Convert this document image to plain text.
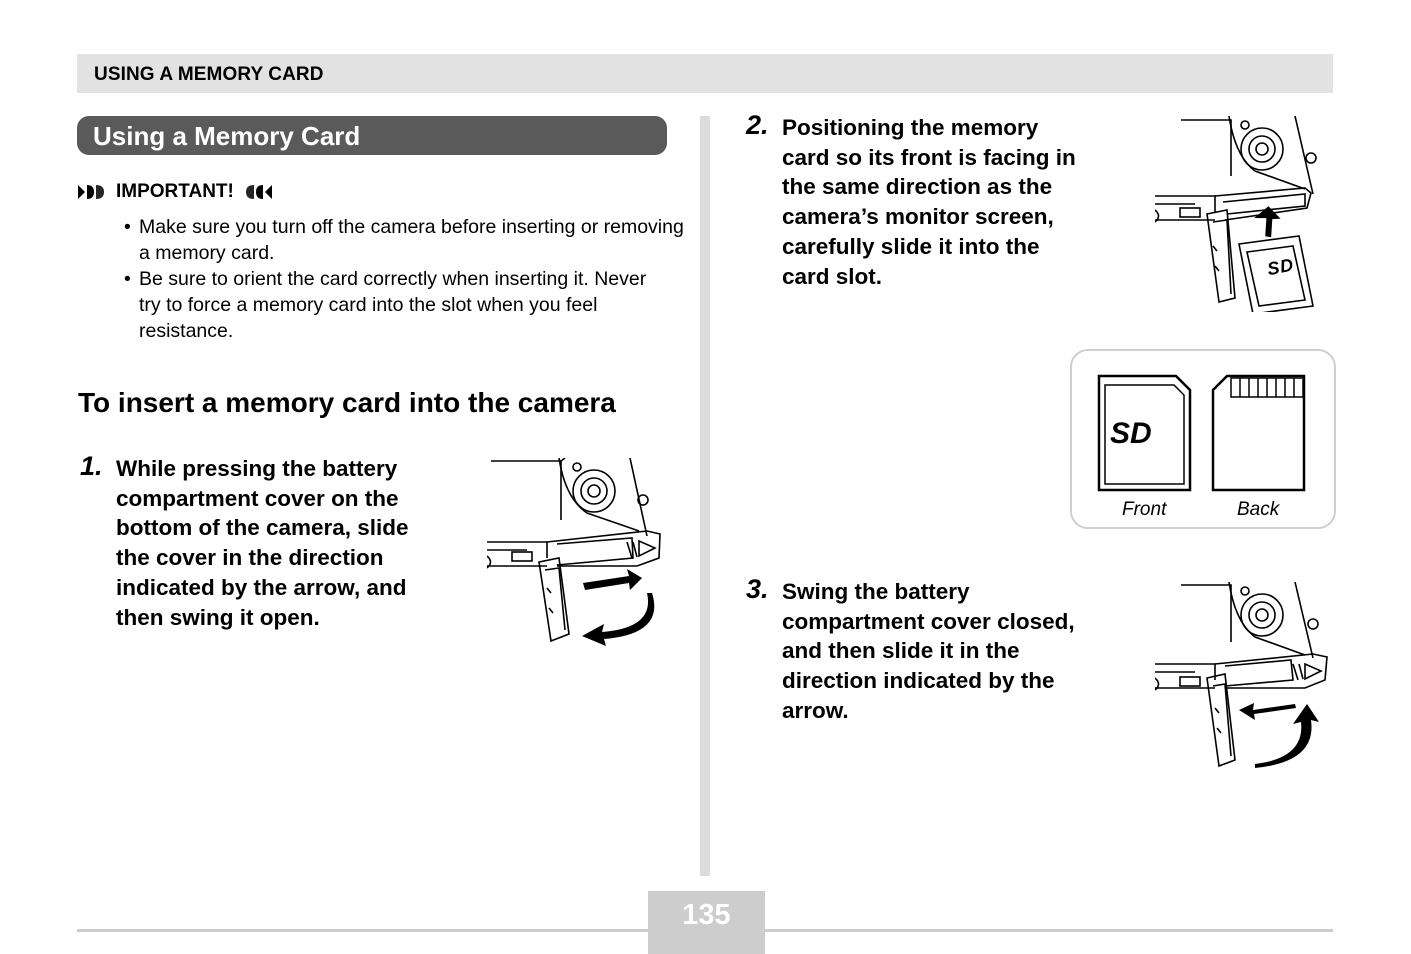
USING A MEMORY CARD
Using a Memory Card
IMPORTANT!
• Make sure you turn off the camera before inserting or removing a memory card.
• Be sure to orient the card correctly when inserting it. Never try to force a memory card into the slot when you feel resistance.
To insert a memory card into the camera
1. While pressing the battery
compartment cover on the
bottom of the camera, slide
the cover in the direction
indicated by the arrow, and
then swing it open.
2. Positioning the memory
card so its front is facing in
the same direction as the
camera’s monitor screen,
carefully slide it into the
card slot.	S
D
SD
Front	Back
3. Swing the battery
compartment cover closed,
and then slide it in the
direction indicated by the
arrow.
135
